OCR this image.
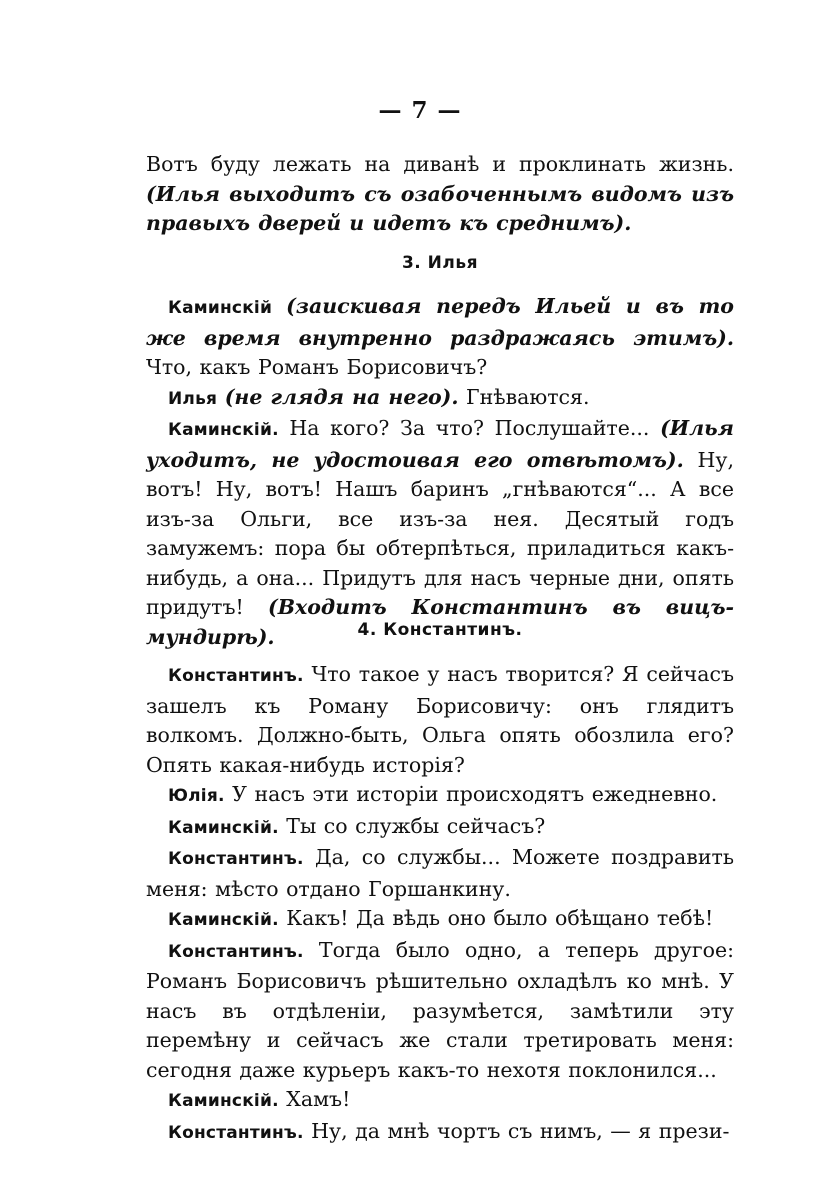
— 7 —

Вотъ буду лежать на диванѣ и проклинать жизнь. (Илья выходитъ съ озабоченнымъ видомъ изъ правыхъ дверей и идетъ къ среднимъ).

3. Илья

Каминскій (заискивая передъ Ильей и въ то же время внутренно раздражаясь этимъ). Что, какъ Романъ Борисовичъ?

Илья (не глядя на него). Гнѣваются.

Каминскій. На кого? За что? Послушайте... (Илья уходитъ, не удостоивая его отвѣтомъ). Ну, вотъ! Ну, вотъ! Нашъ баринъ „гнѣваются“... А все изъ-за Ольги, все изъ-за нея. Десятый годъ замужемъ: пора бы обтерпѣться, приладиться какъ-нибудь, а она... Придутъ для насъ черные дни, опять придутъ! (Входитъ Константинъ въ вицъ-мундирѣ).	4. Константинъ.

Константинъ. Что такое у насъ творится? Я сейчасъ зашелъ къ Роману Борисовичу: онъ глядитъ волкомъ. Должно-быть, Ольга опять обозлила его? Опять какая-нибудь исторія?

Юлія. У насъ эти исторіи происходятъ ежедневно.

Каминскій. Ты со службы сейчасъ?

Константинъ. Да, со службы... Можете поздравить меня: мѣсто отдано Горшанкину.

Каминскій. Какъ! Да вѣдь оно было обѣщано тебѣ!

Константинъ. Тогда было одно, а теперь другое: Романъ Борисовичъ рѣшительно охладѣлъ ко мнѣ. У насъ въ отдѣленіи, разумѣется, замѣтили эту перемѣну и сейчасъ же стали третировать меня: сегодня даже курьеръ какъ-то нехотя поклонился...

Каминскій. Хамъ!

Константинъ. Ну, да мнѣ чортъ съ нимъ, — я прези-
